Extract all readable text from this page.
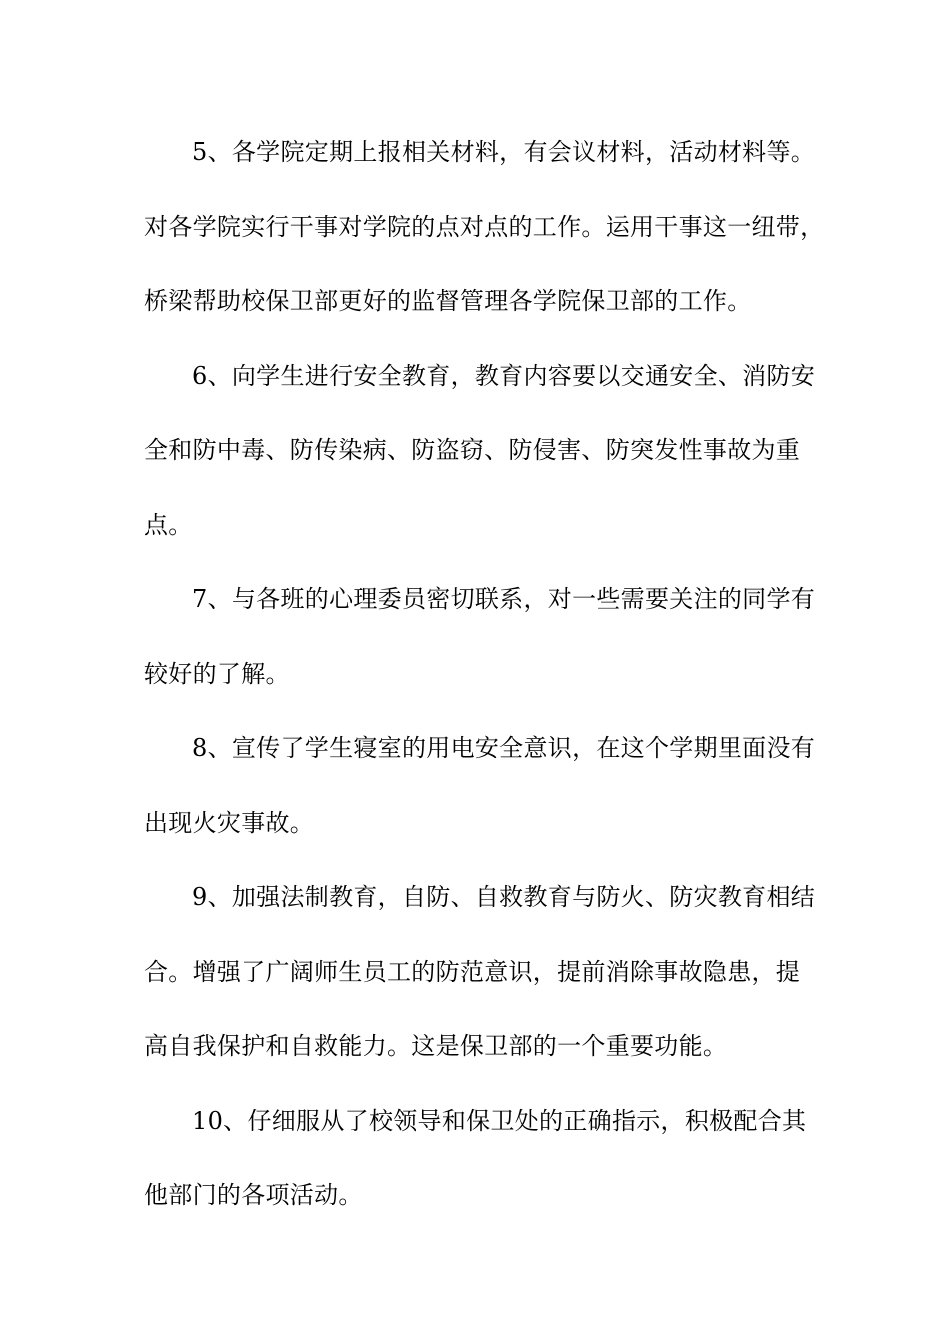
5、各学院定期上报相关材料，有会议材料，活动材料等。
对各学院实行干事对学院的点对点的工作。运用干事这一纽带，
桥梁帮助校保卫部更好的监督管理各学院保卫部的工作。
6、向学生进行安全教育，教育内容要以交通安全、消防安
全和防中毒、防传染病、防盗窃、防侵害、防突发性事故为重
点。
7、与各班的心理委员密切联系，对一些需要关注的同学有
较好的了解。
8、宣传了学生寝室的用电安全意识，在这个学期里面没有
出现火灾事故。
9、加强法制教育，自防、自救教育与防火、防灾教育相结
合。增强了广阔师生员工的防范意识，提前消除事故隐患，提
高自我保护和自救能力。这是保卫部的一个重要功能。
10、仔细服从了校领导和保卫处的正确指示，积极配合其
他部门的各项活动。
